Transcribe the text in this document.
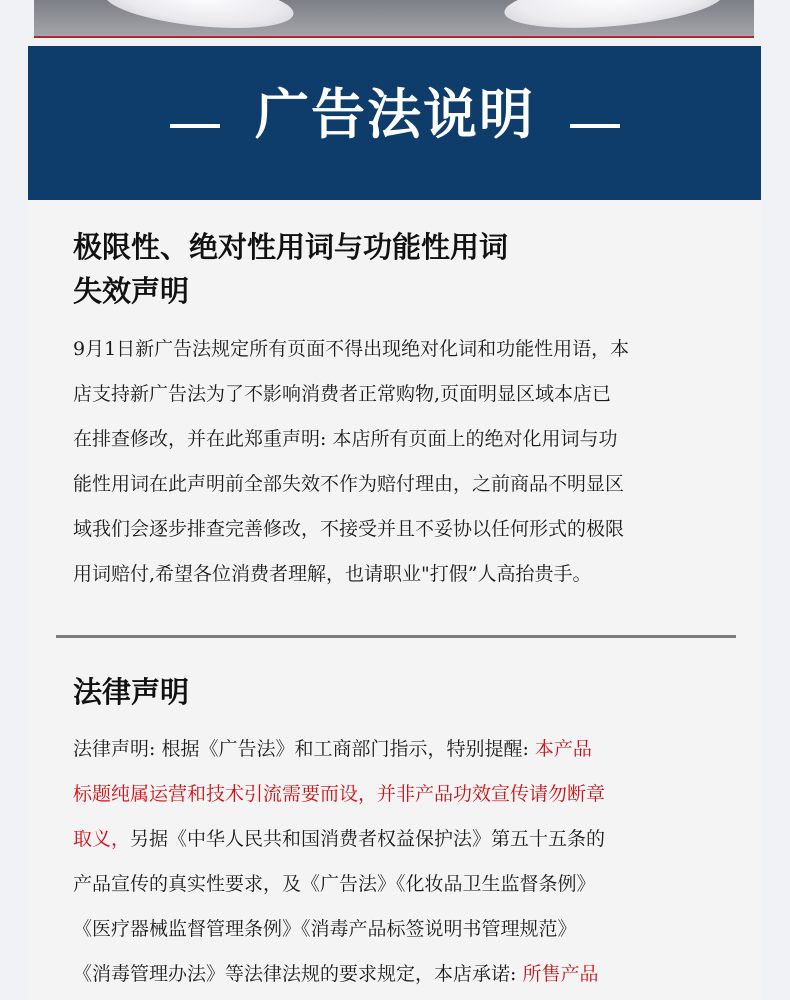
广告法说明
极限性、绝对性用词与功能性用词
失效声明
9月1日新广告法规定所有页面不得出现绝对化词和功能性用语，本
店支持新广告法为了不影响消费者正常购物,页面明显区域本店已
在排查修改，并在此郑重声明: 本店所有页面上的绝对化用词与功
能性用词在此声明前全部失效不作为赔付理由，之前商品不明显区
域我们会逐步排查完善修改，不接受并且不妥协以任何形式的极限
用词赔付,希望各位消费者理解，也请职业"打假”人高抬贵手。
法律声明
法律声明: 根据《广告法》和工商部门指示，特别提醒: 本产品
标题纯属运营和技术引流需要而设，并非产品功效宣传请勿断章
取义，另据《中华人民共和国消费者权益保护法》第五十五条的
产品宣传的真实性要求，及《广告法》《化妆品卫生监督条例》
《医疗器械监督管理条例》《消毒产品标签说明书管理规范》
《消毒管理办法》等法律法规的要求规定，本店承诺: 所售产品
